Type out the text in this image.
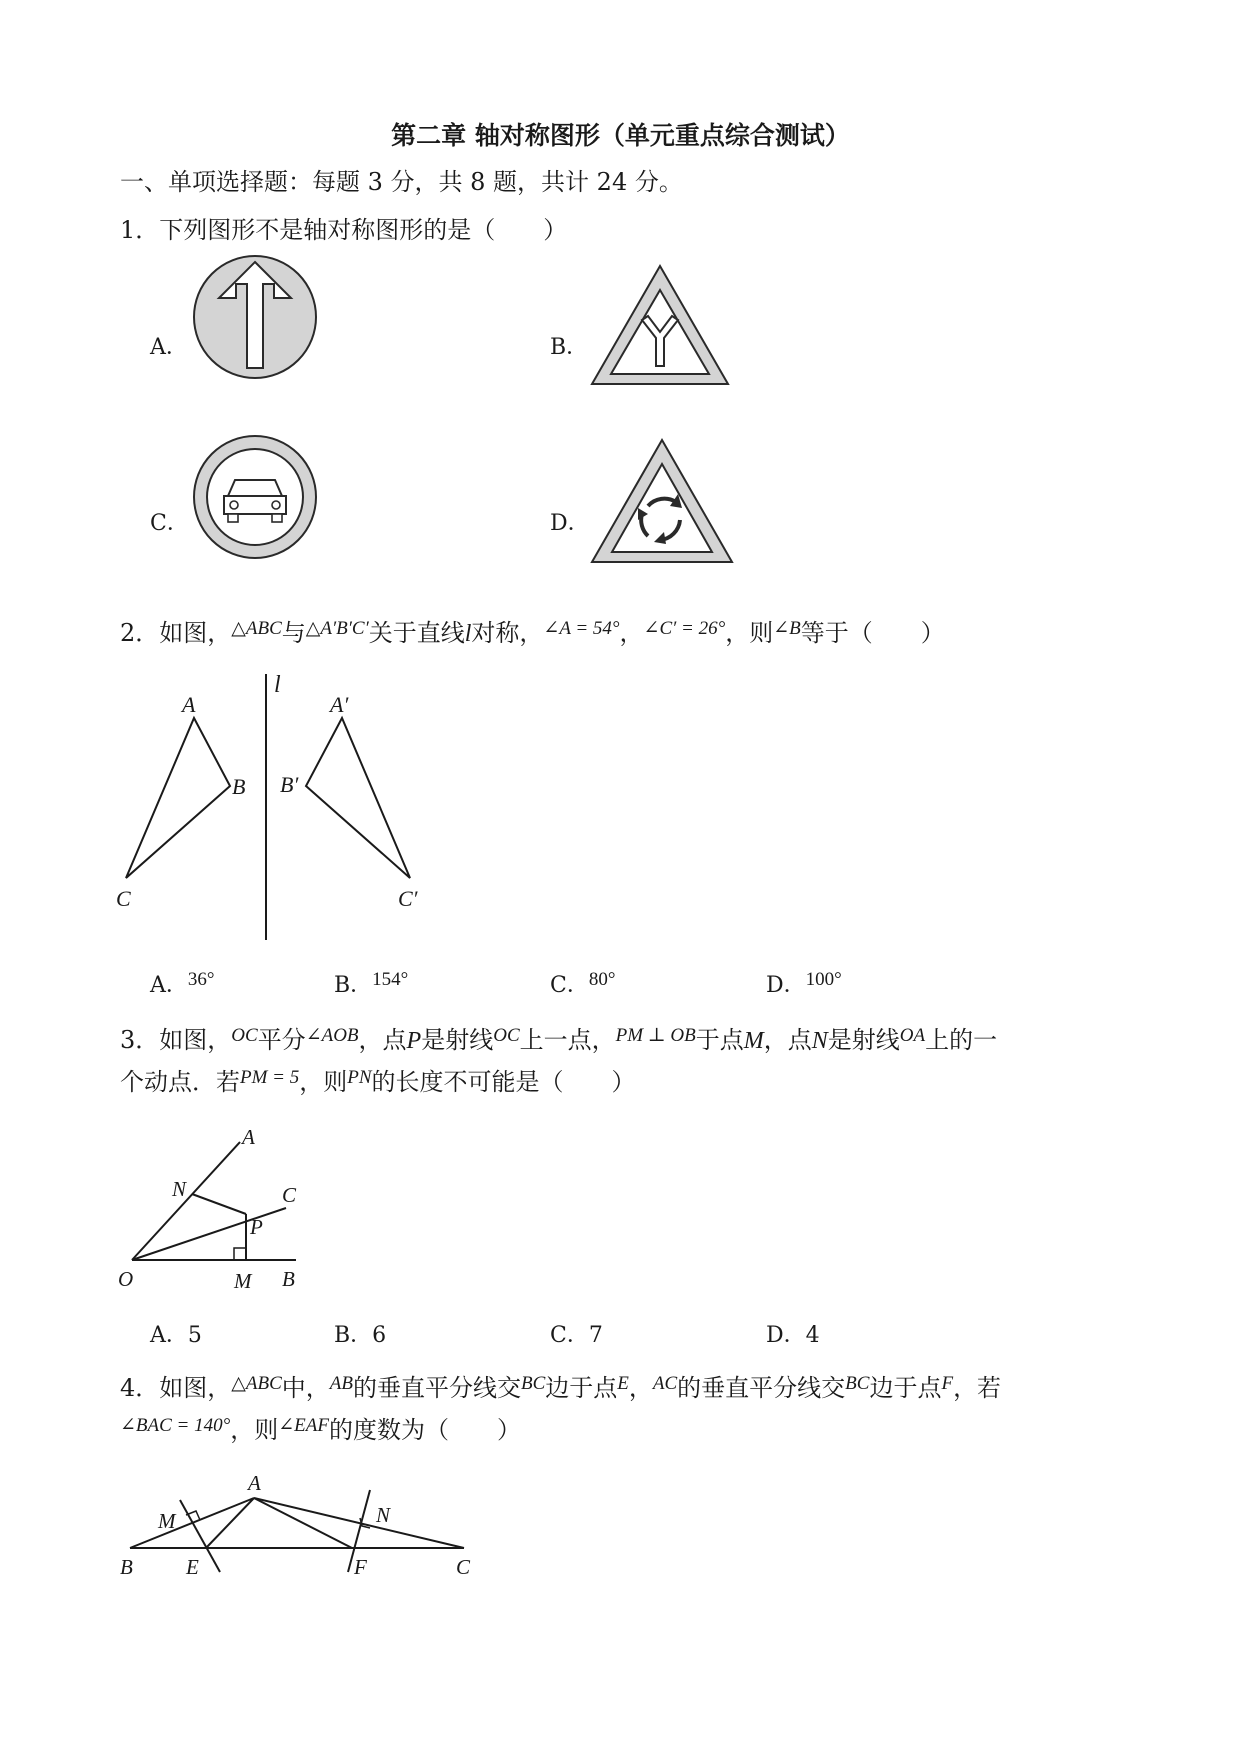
第二章 轴对称图形（单元重点综合测试）
一、单项选择题：每题 3 分，共 8 题，共计 24 分。
1．下列图形不是轴对称图形的是（　　）
A．	B．
C．	D．
2．如图，$^{\triangle ABC}$与$^{\triangle A'B'C'}$关于直线l对称，$^{\angle A = 54^\circ}$，$^{\angle C' = 26^\circ}$，则$^{\angle B}$等于（　　）
l
A
B
C
A′
B′
C′
A．36°	B．154°	C．80°	D．100°
3．如图，$^{OC}$平分$^{\angle AOB}$，点P是射线$^{OC}$上一点，$^{PM \perp OB}$于点M，点N是射线$^{OA}$上的一
个动点．若$^{PM = 5}$，则$^{PN}$的长度不可能是（　　）
A
N	C
P
O	M B
A．5	B．6	C．7	D．4
4．如图，$^{\triangle ABC}$中，$^{AB}$的垂直平分线交$^{BC}$边于点$^E$，$^{AC}$的垂直平分线交$^{BC}$边于点$^F$，若
$^{\angle BAC = 140^\circ}$，则$^{\angle EAF}$的度数为（　　）
A
M	N
B	E	F	C
